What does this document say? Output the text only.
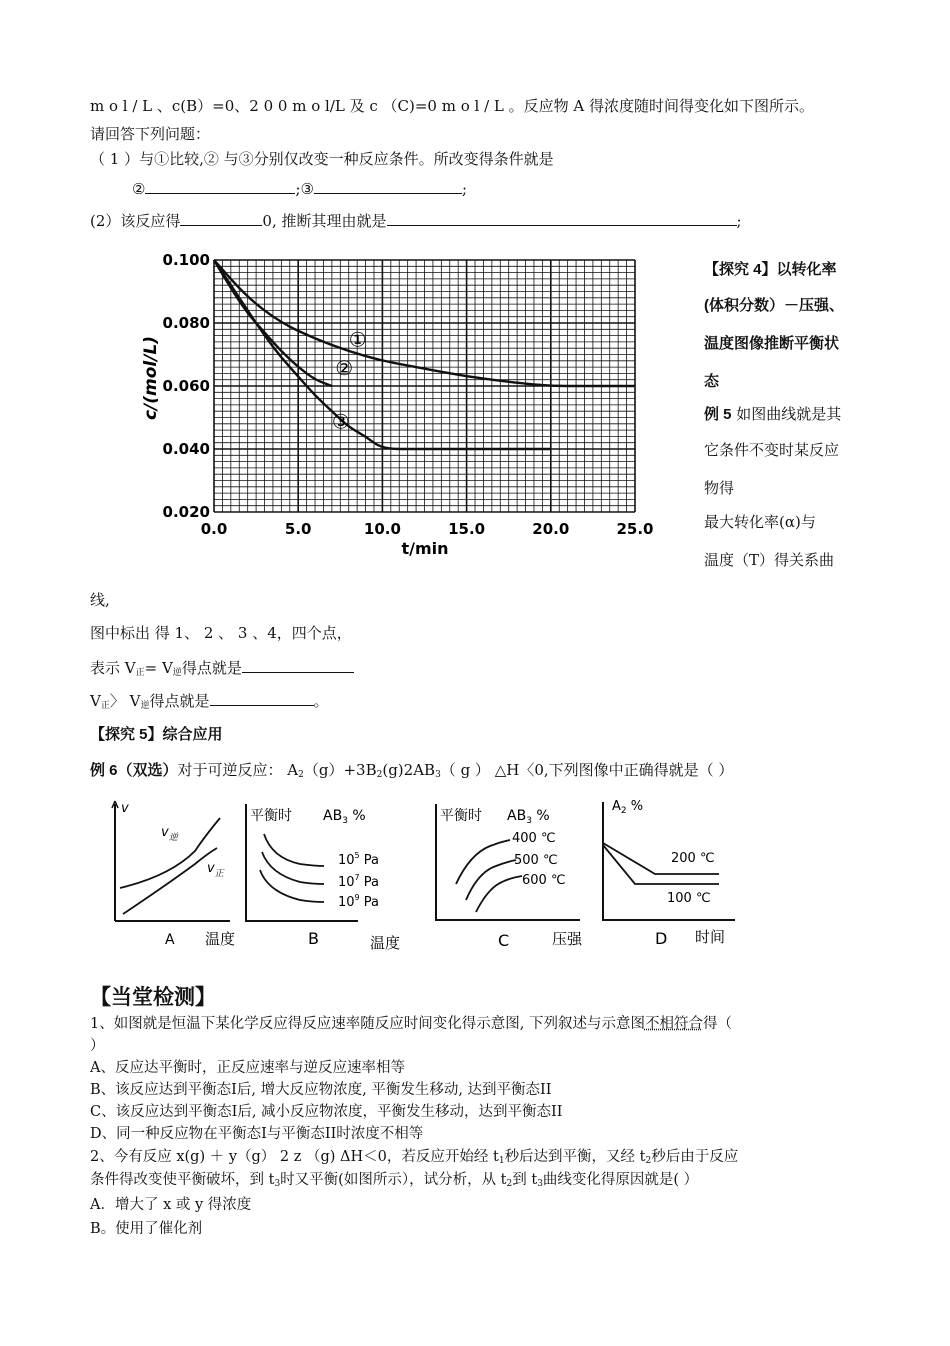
m o l / L 、c(B）=0、2 0 0 m o l/L 及 c （C)=0 m o l / L 。反应物 A 得浓度随时间得变化如下图所示。
请回答下列问题：
（ 1 ）与①比较,② 与③分别仅改变一种反应条件。所改变得条件就是
②	;③	;
(2）该反应得	0, 推断其理由就是	;
①
②
③
0.100
0.080
0.060
0.040
0.020
0.0	5.0	10.0	15.0	20.0	25.0
c/(mol/L)
t/min
【探究 4】以转化率
(体积分数）－压强、
温度图像推断平衡状
态
例 5 如图曲线就是其
它条件不变时某反应
物得
最大转化率(α)与
温度（T）得关系曲
线,
图中标出 得 1、 2 、 3 、4，四个点，
表示 $V_正= V_逆$得点就是
$V_正$〉 $V_逆$得点就是	。
【探究 5】综合应用
例 6（双选）对于可逆反应： $A_2(g)+3B_2(g)2AB_3$（ g ） △H〈0,下列图像中正确得就是（ ）
v
$v_逆$
$v_正$
A 温度
平衡时 $AB_3$ %
$10^5$ Pa
$10^7$ Pa
$10^9$ Pa
B	温度
平衡时 $AB_3$ %
400 ℃
500 ℃
600 ℃
C	压强
$A_2$ %
200 ℃
100 ℃
D 时间
【当堂检测】
1、如图就是恒温下某化学反应得反应速率随反应时间变化得示意图, 下列叙述与示意图不相符合得（
）
A、反应达平衡时，正反应速率与逆反应速率相等
B、该反应达到平衡态Ⅰ后, 增大反应物浓度, 平衡发生移动, 达到平衡态ⅠⅠ
C、该反应达到平衡态Ⅰ后, 减小反应物浓度，平衡发生移动，达到平衡态ⅠⅠ
D、同一种反应物在平衡态Ⅰ与平衡态ⅠⅠ时浓度不相等
2、今有反应 x(g) ＋ y（g） 2 z （g) ΔH＜0，若反应开始经 $t_1$秒后达到平衡，又经 $t_2$秒后由于反应
条件得改变使平衡破坏，到 $t_3$时又平衡(如图所示），试分析，从 $t_2$到 $t_3$曲线变化得原因就是( ）
A．增大了 x 或 y 得浓度
B。使用了催化剂
